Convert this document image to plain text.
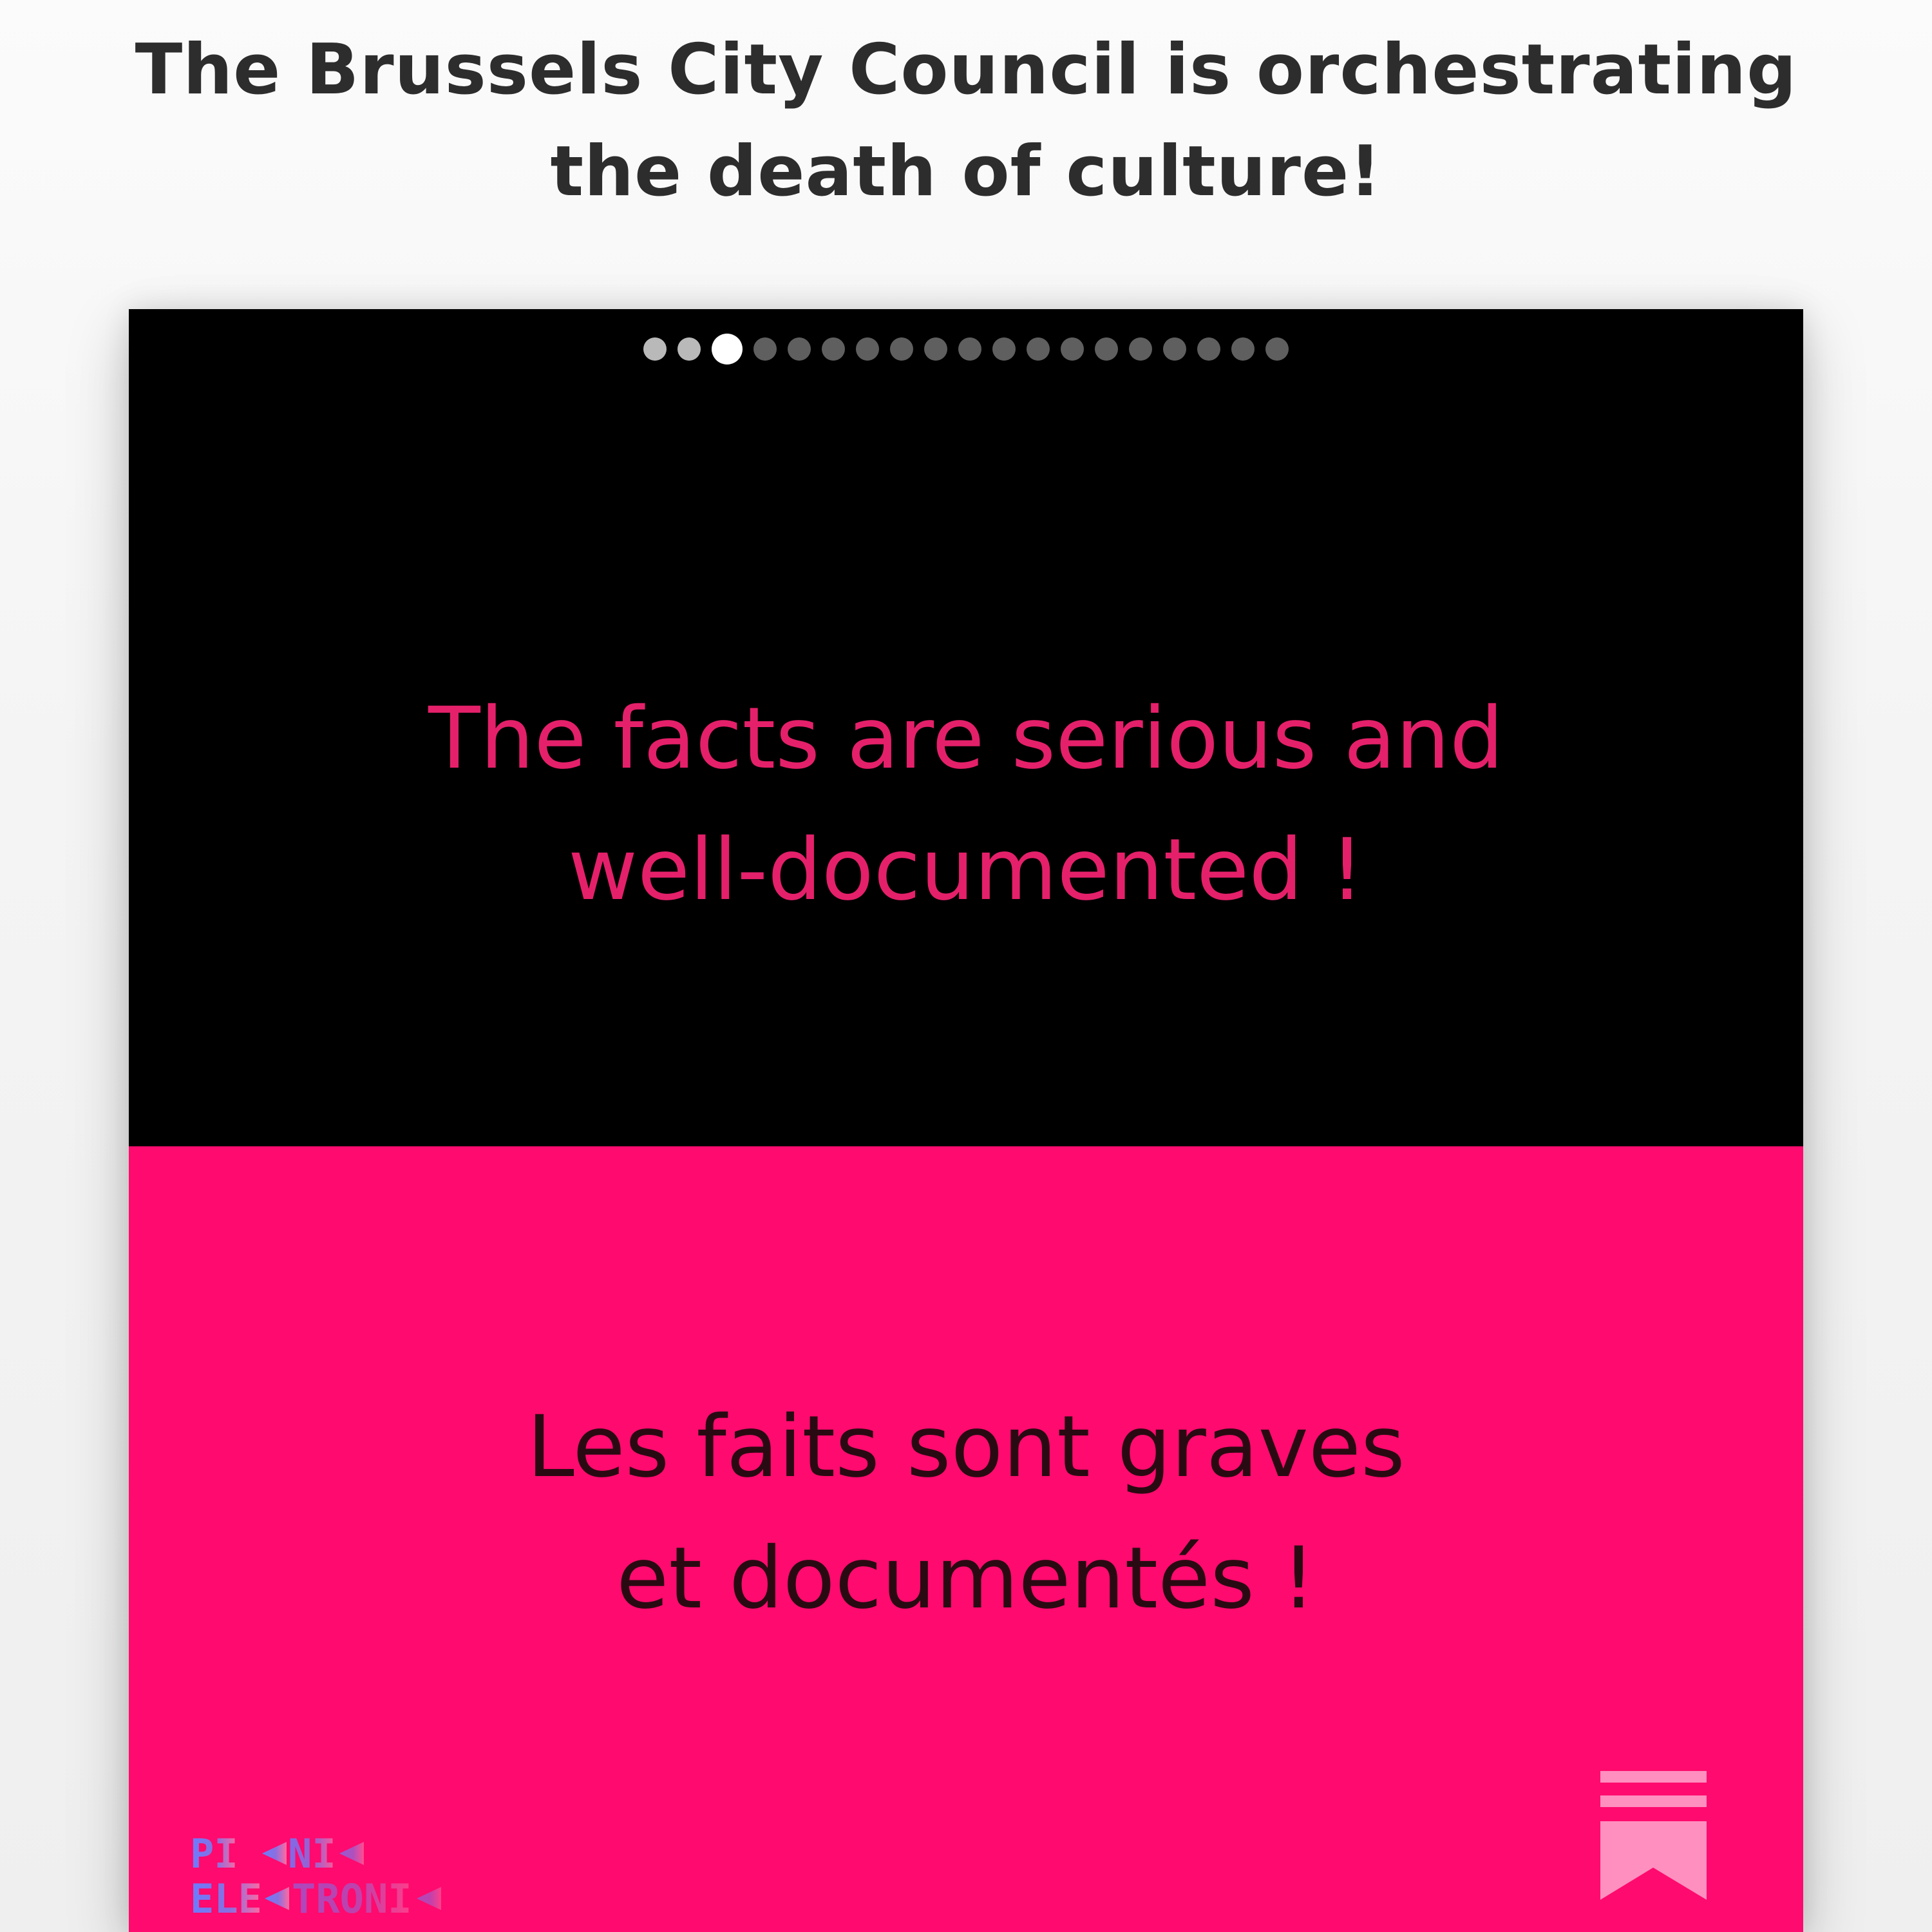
The Brussels City Council is orchestrating the death of culture!
The facts are serious and
well-documented !
Les faits sont graves
et documentés !
PI NI
ELE TRONI
